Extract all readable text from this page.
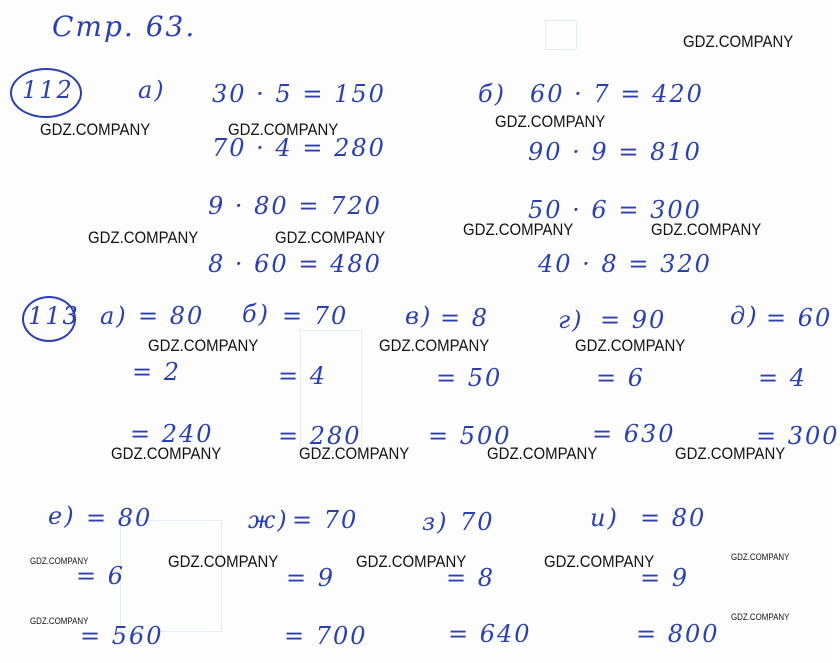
Стр. 63.	GDZ.COMPANY
GDZ.COMPANY	GDZ.COMPANY	GDZ.COMPANY
GDZ.COMPANY	GDZ.COMPANY	GDZ.COMPANY	GDZ.COMPANY
GDZ.COMPANY	GDZ.COMPANY	GDZ.COMPANY
GDZ.COMPANY	GDZ.COMPANY	GDZ.COMPANY	GDZ.COMPANY
GDZ.COMPANY	GDZ.COMPANY	GDZ.COMPANY
GDZ.COMPANY
GDZ.COMPANY
GDZ.COMPANY
GDZ.COMPANY
112	а)	б)
30 · 5 = 150
70 · 4 = 280
9 · 80 = 720
8 · 60 = 480
60 · 7 = 420
90 · 9 = 810
50 · 6 = 300
40 · 8 = 320
113 а) = 80
= 2
= 240
б) = 70
= 4
= 280
в) = 8
= 50
= 500
г) = 90
= 6
= 630
д) = 60
= 4
= 300
е) = 80
= 6
= 560
ж) = 70
= 9
= 700
з) 70
= 8
= 640
и) = 80
= 9
= 800
